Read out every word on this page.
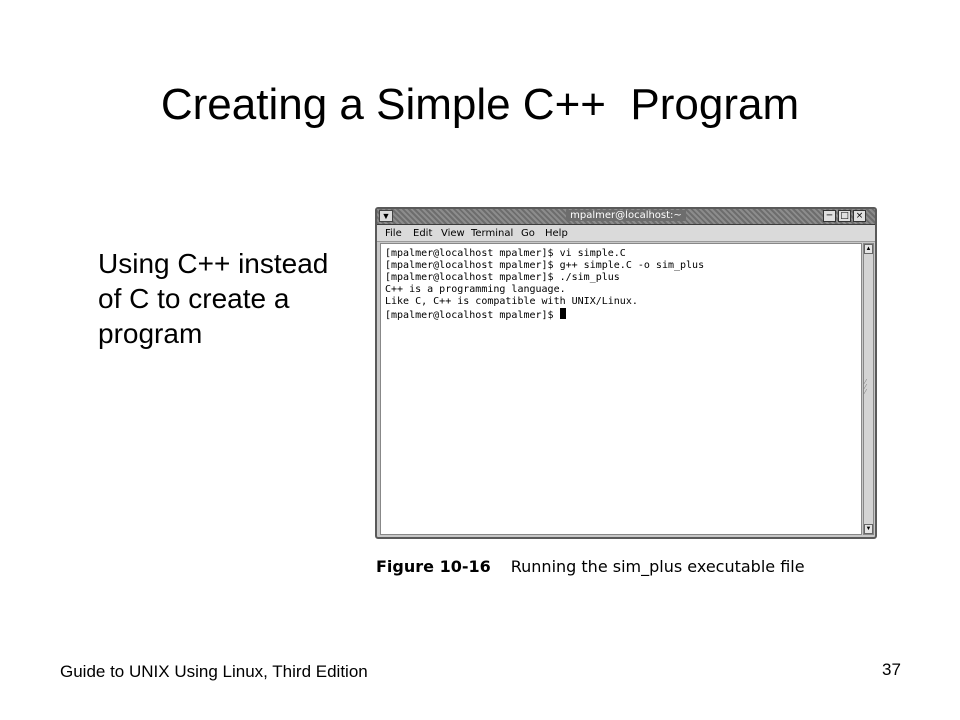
Creating a Simple C++  Program
Using C++ instead of C to create a program
▼	mpalmer@localhost:~	─ □ ×
File Edit View Terminal Go Help
[mpalmer@localhost mpalmer]$ vi simple.C
[mpalmer@localhost mpalmer]$ g++ simple.C -o sim_plus
[mpalmer@localhost mpalmer]$ ./sim_plus
C++ is a programming language.
Like C, C++ is compatible with UNIX/Linux.
[mpalmer@localhost mpalmer]$
▲
⁄
⁄
⁄
▼
Figure 10-16 Running the sim_plus executable file
Guide to UNIX Using Linux, Third Edition	37
